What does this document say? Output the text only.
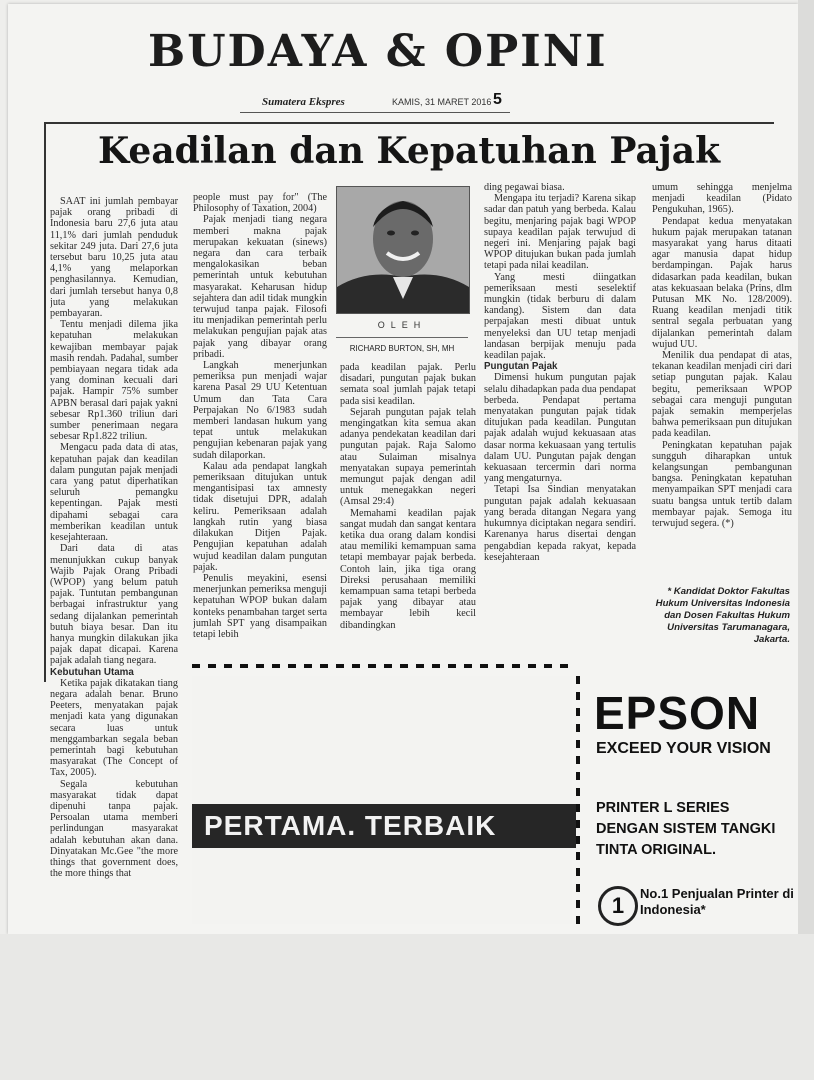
BUDAYA & OPINI
Sumatera Ekspres	KAMIS, 31 MARET 2016 5
Keadilan dan Kepatuhan Pajak

SAAT ini jumlah pembayar pajak orang pribadi di Indonesia baru 27,6 juta atau 11,1% dari jumlah penduduk sekitar 249 juta. Dari 27,6 juta tersebut baru 10,25 juta atau 4,1% yang melaporkan penghasilannya. Kemudian, dari jumlah tersebut hanya 0,8 juta yang melakukan pembayaran.

Tentu menjadi dilema jika kepatuhan melakukan kewajiban membayar pajak masih rendah. Padahal, sumber pembiayaan negara tidak ada yang dominan kecuali dari pajak. Hampir 75% sumber APBN berasal dari pajak yakni sebesar Rp1.360 triliun dari sumber penerimaan negara sebesar Rp1.822 triliun.

Mengacu pada data di atas, kepatuhan pajak dan keadilan dalam pungutan pajak menjadi cara yang patut diperhatikan seluruh pemangku kepentingan. Pajak mesti dipahami sebagai cara memberikan keadilan untuk kesejahteraan.

Dari data di atas menunjukkan cukup banyak Wajib Pajak Orang Pribadi (WPOP) yang belum patuh pajak. Tuntutan pembangunan berbagai infrastruktur yang sedang dijalankan pemerintah butuh biaya besar. Dan itu hanya mungkin dilakukan jika pajak dapat dicapai. Karena pajak adalah tiang negara.

Kebutuhan Utama

Ketika pajak dikatakan tiang negara adalah benar. Bruno Peeters, menyatakan pajak menjadi kata yang digunakan secara luas untuk menggambarkan segala beban pemerintah bagi kebutuhan masyarakat (The Concept of Tax, 2005).

Segala kebutuhan masyarakat tidak dapat dipenuhi tanpa pajak. Persoalan utama memberi perlindungan masyarakat adalah kebutuhan akan dana. Dinyatakan Mc.Gee "the more things that government does, the more things that

people must pay for" (The Philosophy of Taxation, 2004)

Pajak menjadi tiang negara memberi makna pajak merupakan kekuatan (sinews) negara dan cara terbaik mengalokasikan beban pemerintah untuk kebutuhan masyarakat. Keharusan hidup sejahtera dan adil tidak mungkin terwujud tanpa pajak. Filosofi itu menjadikan pemerintah perlu melakukan pengujian pajak atas pajak yang dibayar orang pribadi.

Langkah menerjunkan pemeriksa pun menjadi wajar karena Pasal 29 UU Ketentuan Umum dan Tata Cara Perpajakan No 6/1983 sudah memberi landasan hukum yang tepat untuk melakukan pengujian kebenaran pajak yang sudah dilaporkan.

Kalau ada pendapat langkah pemeriksaan ditujukan untuk mengantisipasi tax amnesty tidak disetujui DPR, adalah keliru. Pemeriksaan adalah langkah rutin yang biasa dilakukan Ditjen Pajak. Pengujian kepatuhan adalah wujud keadilan dalam pungutan pajak.

Penulis meyakini, esensi menerjunkan pemeriksa menguji kepatuhan WPOP bukan dalam konteks penambahan target serta jumlah SPT yang disampaikan tetapi lebih

pada keadilan pajak. Perlu disadari, pungutan pajak bukan semata soal jumlah pajak tetapi pada sisi keadilan.

Sejarah pungutan pajak telah mengingatkan kita semua akan adanya pendekatan keadilan dari pungutan pajak. Raja Salomo atau Sulaiman misalnya menyatakan supaya pemerintah memungut pajak dengan adil untuk menegakkan negeri (Amsal 29:4)

Memahami keadilan pajak sangat mudah dan sangat kentara ketika dua orang dalam kondisi atau memiliki kemampuan sama tetapi membayar pajak berbeda. Contoh lain, jika tiga orang Direksi perusahaan memiliki kemampuan sama tetapi berbeda pajak yang dibayar atau membayar lebih kecil dibandingkan

ding pegawai biasa.

Mengapa itu terjadi? Karena sikap sadar dan patuh yang berbeda. Kalau begitu, menjaring pajak bagi WPOP supaya keadilan pajak terwujud di negeri ini. Menjaring pajak bagi WPOP ditujukan bukan pada jumlah tetapi pada nilai keadilan.

Yang mesti diingatkan pemeriksaan mesti seselektif mungkin (tidak berburu di dalam kandang). Sistem dan data perpajakan mesti dibuat untuk menyeleksi dan UU tetap menjadi landasan berpijak menuju pada keadilan pajak.

Pungutan Pajak

Dimensi hukum pungutan pajak selalu dihadapkan pada dua pendapat berbeda. Pendapat pertama menyatakan pungutan pajak tidak ditujukan pada keadilan. Pungutan pajak adalah wujud kekuasaan atas dasar norma kekuasaan yang tertulis dalam UU. Pungutan pajak dengan kekuasaan tercermin dari norma yang mengaturnya.

Tetapi Isa Sindian menyatakan pungutan pajak adalah kekuasaan yang berada ditangan Negara yang hukumnya diciptakan negara sendiri. Karenanya harus disertai dengan pengabdian kepada rakyat, kepada kesejahteraan

umum sehingga menjelma menjadi keadilan (Pidato Pengukuhan, 1965).

Pendapat kedua menyatakan hukum pajak merupakan tatanan masyarakat yang harus ditaati agar manusia dapat hidup berdampingan. Pajak harus didasarkan pada keadilan, bukan atas kekuasaan belaka (Prins, dlm Putusan MK No. 128/2009). Ruang keadilan menjadi titik sentral segala perbuatan yang dijalankan pemerintah dalam wujud UU.

Menilik dua pendapat di atas, tekanan keadilan menjadi ciri dari setiap pungutan pajak. Kalau begitu, pemeriksaan WPOP sebagai cara menguji pungutan pajak semakin memperjelas bahwa pemeriksaan pun ditujukan pada keadilan.

Peningkatan kepatuhan pajak sungguh diharapkan untuk kelangsungan pembangunan bangsa. Peningkatan kepatuhan menyampaikan SPT menjadi cara suatu bangsa untuk tertib dalam membayar pajak. Semoga itu terwujud segera. (*)

OLEH
RICHARD BURTON, SH, MH
* Kandidat Doktor Fakultas Hukum Universitas Indonesia dan Dosen Fakultas Hukum Universitas Tarumanagara, Jakarta.
PERTAMA. TERBAIK
EPSON
EXCEED YOUR VISION
PRINTER L SERIES DENGAN SISTEM TANGKI TINTA ORIGINAL.
1	No.1 Penjualan Printer di Indonesia*
